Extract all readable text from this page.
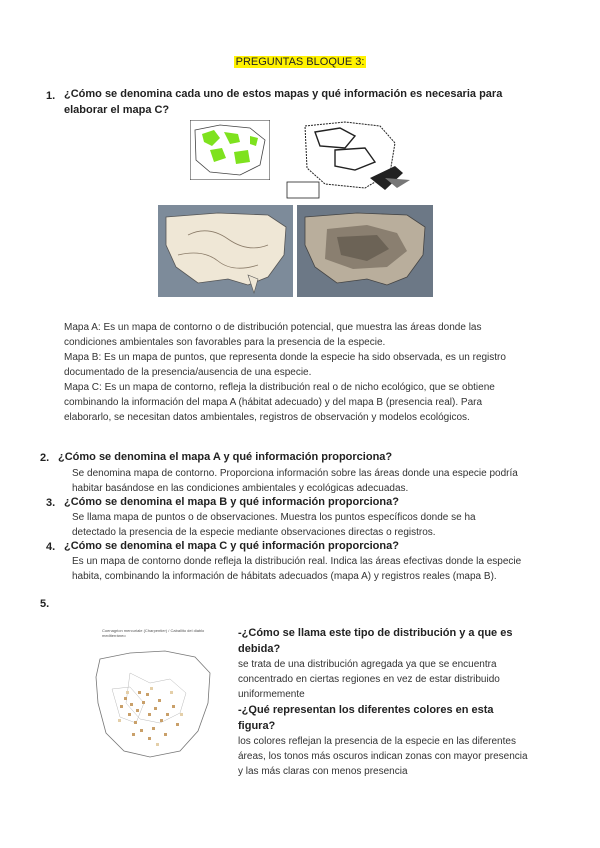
PREGUNTAS BLOQUE 3:
1. ¿Cómo se denomina cada uno de estos mapas y qué información es necesaria para elaborar el mapa C?

Mapa A: Es un mapa de contorno o de distribución potencial, que muestra las áreas donde las condiciones ambientales son favorables para la presencia de la especie.

Mapa B: Es un mapa de puntos, que representa donde la especie ha sido observada, es un registro documentado de la presencia/ausencia de una especie.

Mapa C: Es un mapa de contorno, refleja la distribución real o de nicho ecológico, que se obtiene combinando la información del mapa A (hábitat adecuado) y del mapa B (presencia real). Para elaborarlo, se necesitan datos ambientales, registros de observación y modelos ecológicos.

2. ¿Cómo se denomina el mapa A y qué información proporciona?
Se denomina mapa de contorno. Proporciona información sobre las áreas donde una especie podría habitar basándose en las condiciones ambientales y ecológicas adecuadas.
3. ¿Cómo se denomina el mapa B y qué información proporciona?
Se llama mapa de puntos o de observaciones. Muestra los puntos específicos donde se ha detectado la presencia de la especie mediante observaciones directas o registros.
4. ¿Cómo se denomina el mapa C y qué información proporciona?
Es un mapa de contorno donde refleja la distribución real. Indica las áreas efectivas donde la especie habita, combinando la información de hábitats adecuados (mapa A) y registros reales (mapa B).
5.
Coenagrion mercuriale (Charpentier) / Caballito del diablo mediterráneo	-¿Cómo se llama este tipo de distribución y a que es debida?
se trata de una distribución agregada ya que se encuentra concentrado en ciertas regiones en vez de estar distribuido uniformemente
-¿Qué representan los diferentes colores en esta figura?
los colores reflejan la presencia de la especie en las diferentes áreas, los tonos más oscuros indican zonas con mayor presencia y las más claras con menos presencia
